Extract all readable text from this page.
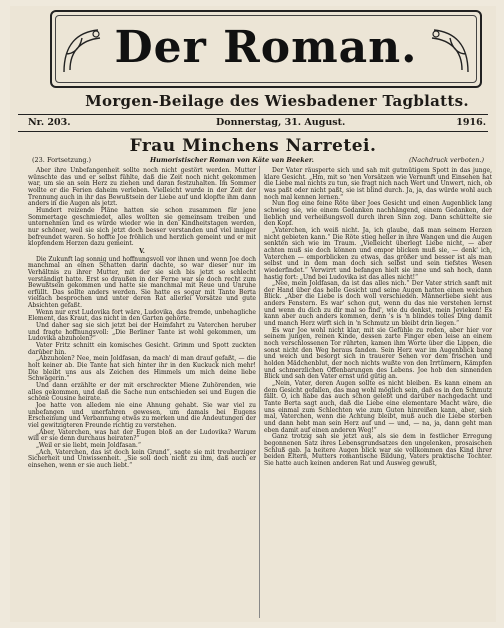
Der Roman.
Morgen-Beilage des Wiesbadener Tagblatts.
Nr. 203.	Donnerstag, 31. August.	1916.
Frau Minchens Narretei.
(23. Fortsetzung.)	Humoristischer Roman von Käte van Beeker.	(Nachdruck verboten.)

Aber ihre Unbefangenheit sollte noch nicht gestört werden. Mutter wünschte das und er selbst fühlte, daß die Zeit noch nicht gekommen war, um sie an sein Herz zu ziehen und daran festzuhalten. Im Sommer wollte er die Ferien daheim verleben. Vielleicht wurde in der Zeit der Trennung auch in ihr das Bewußtsein der Liebe auf und klopfte ihm dann anders in die Augen als jetzt.

Hundert reizende Pläne hatten sie schon zusammen für jene Sommertage geschmiedet, alles wollten sie gemeinsam treiben und unternehmen und es würde wieder wie in den Kindheitstagen werden, nur schöner, weil sie sich jetzt doch besser verstanden und viel inniger befreundet waren. So hoffte Joe fröhlich und herzlich gemeint und er mit klopfendem Herzen dazu gemeint.

V.

Die Zukunft lag sonnig und hoffnungsvoll vor ihnen und wenn Joe doch manchmal an einen Schatten darin dachte, so war dieser nur im Verhältnis zu ihrer Mutter, mit der sie sich bis jetzt so schlecht verständigt hatte. Erst so draußen in der Ferne war sie doch recht zum Bewußtsein gekommen und hatte sie manchmal mit Reue und Unruhe erfüllt. Das sollte anders werden. Sie hatte es sogar mit Tante Berta vielfach besprochen und unter deren Rat allerlei Vorsätze und gute Absichten gefaßt.

Wenn nur erst Ludovika fort wäre, Ludovika, das fremde, unbehagliche Element, das Kraut, das nicht in den Garten gehörte.

Und daher sag sie sich jetzt bei der Heimfahrt zu Vaterchen heruber und fragte hoffnungsvoll: „Die Berliner Tante ist wohl gekommen, um Ludovika abzuholen?“

Vater Fritz schnitt ein komisches Gesicht. Grimm und Spott zuckten darüber hin.

„Abzuholen? Nee, mein Joldfasan, da mach' di man drauf gefaßt, — die holt keiner ab. Die Tante hat sich hinter ihr in den Kuckuck nich mehr! Die bleibt uns aus als Zeichen des Himmels um mich deine liebe Schwägerin.“

Und dann erzählte er der mit erschreckter Miene Zuhörenden, wie alles gekommen, und daß die Sache nun entschieden sei und Eugen die schöne Cousine heirate.

Joe hatte von alledem nie eine Ahnung gehabt. Sie war viel zu unbefangen und unerfahren gewesen, um damals bei Eugens Erscheinung und Verbannung etwas zu merken und die Andeutungen der viel gewitzigteren Freunde richtig zu verstehen.

„Aber, Vaterchen, was hat der Eugen bloß an der Ludovika? Warum will er sie denn durchaus heiraten?“

„Weil er sie liebt, mein Joldfasan.“

„Ach, Vaterchen, das ist doch kein Grund“, sagte sie mit treuherziger Sicherheit und Unwissenheit. „Sie soll doch nicht zu ihm, daß auch er einsehen, wenn er sie auch liebt.“

Der Vater räusperte sich und sah mit gutmütigem Spott in das junge, klare Gesicht. „Hm, mit so 'nen Vorsätzen wie Vernunft und Einsehen hat die Liebe mal nichts zu tun, sie fragt nich nach Wert und Unwert, nich, ob was paßt oder nicht paßt, sie ist blind durch. Ja, ja, das würde wohl auch noch mal kennen lernen.“

Nun flog eine feine Röte über Joes Gesicht und einen Augenblick lang schwieg sie, wie einem Gedanken nachhängend, einem Gedanken, der lieblich und verheißungsvoll durch ihren Sinn zog. Dann schüttelte sie den Kopf.

„Vaterchen, ich weiß nicht. Ja, ich glaube, daß man seinem Herzen nicht gebieten kann.“ Die Röte stieg heller in ihre Wangen und die Augen senkten sich wie im Traum. „Vielleicht überlegt Liebe nicht, — aber achten muß sie doch können und empor blicken muß sie, — denk' ich, Vaterchen — emporblicken zu etwas, das größer und besser ist als man selbst und in dem man doch sich selbst und sein tiefstes Wesen wiederfindet.“ Verwirrt und befangen hielt sie inne und sah hoch, dann hastig fort: „Und bei Ludovika ist das alles nicht!“

„Nee, mein Joldfasan, da ist das alles nich.“ Der Vater strich sanft mit der Hand über das helle Gesicht und seine Augen hatten einen weichen Blick. „Aber die Liebe is doch woll verschieden. Männerliebe sieht aus anders Fenstern. Es war' schon gut, wenn du das nie verstehen lernst und wenn du dich zu dir mal so find', wie du denkst, mein Jevieken! Es kann aber auch anders kommen, denn 's is 'n blindes tolles Ding damit und manch Herz wirft sich in 'n Schmutz un bleibt drin liegen.“

Es war Joe wohl nicht klar, mit sie Gefühle zu reden, aber hier vor seinem jungen, reinen Kinde, dessen zarte Finger eben leise an einem noch verschlossenen Tor rührten, kamen ihm Worte über die Lippen, die sonst nicht den Weg heraus fanden. Sein Herz war im Augenblick bang und weich und besorgt sich in trauerer Sehen vor dem frischen und holden Mädchenblut, der noch nichts wußte von den Irrtümern, Kämpfen und schmerzlichen Offenbarungen des Lebens. Joe hob den sinnenden Blick und sah den Vater ernst und gütig an.

„Nein, Vater, deren Augen sollte es nicht bleiben. Es kann einem an dem Gesicht gefallen, das mag wohl möglich sein, daß es in den Schmutz fällt. O, ich habe das auch schon gelebt und darüber nachgedacht und Tante Berta sagt auch, daß die Liebe eine elementare Macht wäre, die uns einmal zum Schlechten wie zum Guten hinreißen kann, aber, sieh mal, Vaterchen, wenn die Achtung bleibt, muß auch die Liebe sterben und dann hebt man sein Herz auf und — und, — na, ja, dann geht man eben damit auf einen anderen Weg!“

Ganz trotzig sah sie jetzt aus, als sie dem in festlicher Erregung begonnenen Satz ihres Lebensgrundsatzes den ungelenken, prosaischen Schluß gab. Ja heitere Augen blick war sie vollkommen das Kind ihrer beiden Eltern, Mutters romantische Bildung, Vaters praktische Tochter. Sie hatte auch keinen anderen Rat und Ausweg gewußt,
